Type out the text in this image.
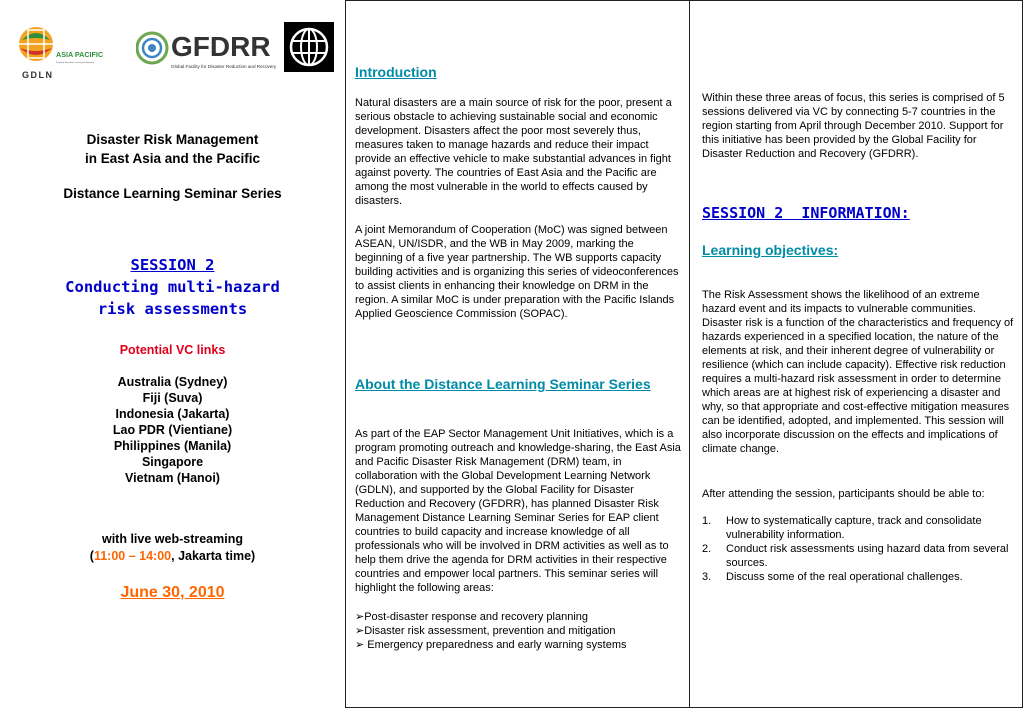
GDLN
ASIA PACIFIC
Partnership. Ideas. Action. Learning and Collaboration.
GFDRR
Global Facility for Disaster Reduction and Recovery
Disaster Risk Management
in East Asia and the Pacific
Distance Learning Seminar Series
SESSION 2
Conducting multi-hazard
risk assessments
Potential VC links
Australia (Sydney)
Fiji (Suva)
Indonesia (Jakarta)
Lao PDR (Vientiane)
Philippines (Manila)
Singapore
Vietnam (Hanoi)
with live web-streaming
(11:00 – 14:00, Jakarta time)
June 30, 2010
Introduction
Natural disasters are a main source of risk for the poor, present a serious obstacle to achieving sustainable social and economic development. Disasters affect the poor most severely thus, measures taken to manage hazards and reduce their impact provide an effective vehicle to make substantial advances in fight against poverty. The countries of East Asia and the Pacific are among the most vulnerable in the world to effects caused by disasters.
A joint Memorandum of Cooperation (MoC) was signed between ASEAN, UN/ISDR, and the WB in May 2009, marking the beginning of a five year partnership. The WB supports capacity building activities and is organizing this series of videoconferences to assist clients in enhancing their knowledge on DRM in the region. A similar MoC is under preparation with the Pacific Islands Applied Geoscience Commission (SOPAC).
About the Distance Learning Seminar Series
As part of the EAP Sector Management Unit Initiatives, which is a program promoting outreach and knowledge-sharing, the East Asia and Pacific Disaster Risk Management (DRM) team, in collaboration with the Global Development Learning Network (GDLN), and supported by the Global Facility for Disaster Reduction and Recovery (GFDRR), has planned Disaster Risk Management Distance Learning Seminar Series for EAP client countries to build capacity and increase knowledge of all professionals who will be involved in DRM activities as well as to help them drive the agenda for DRM activities in their respective countries and empower local partners. This seminar series will highlight the following areas:
➢Post-disaster response and recovery planning
➢Disaster risk assessment, prevention and mitigation
➢ Emergency preparedness and early warning systems
Within these three areas of focus, this series is comprised of 5 sessions delivered via VC by connecting 5-7 countries in the region starting from April through December 2010. Support for this initiative has been provided by the Global Facility for Disaster Reduction and Recovery (GFDRR).
SESSION 2  INFORMATION:
Learning objectives:
The Risk Assessment shows the likelihood of an extreme hazard event and its impacts to vulnerable communities. Disaster risk is a function of the characteristics and frequency of hazards experienced in a specified location, the nature of the elements at risk, and their inherent degree of vulnerability or resilience (which can include capacity). Effective risk reduction requires a multi-hazard risk assessment in order to determine which areas are at highest risk of experiencing a disaster and why, so that appropriate and cost-effective mitigation measures can be identified, adopted, and implemented. This session will also incorporate discussion on the effects and implications of climate change.
After attending the session, participants should be able to:
1. How to systematically capture, track and consolidate vulnerability information.
2. Conduct risk assessments using hazard data from several sources.
3. Discuss some of the real operational challenges.
